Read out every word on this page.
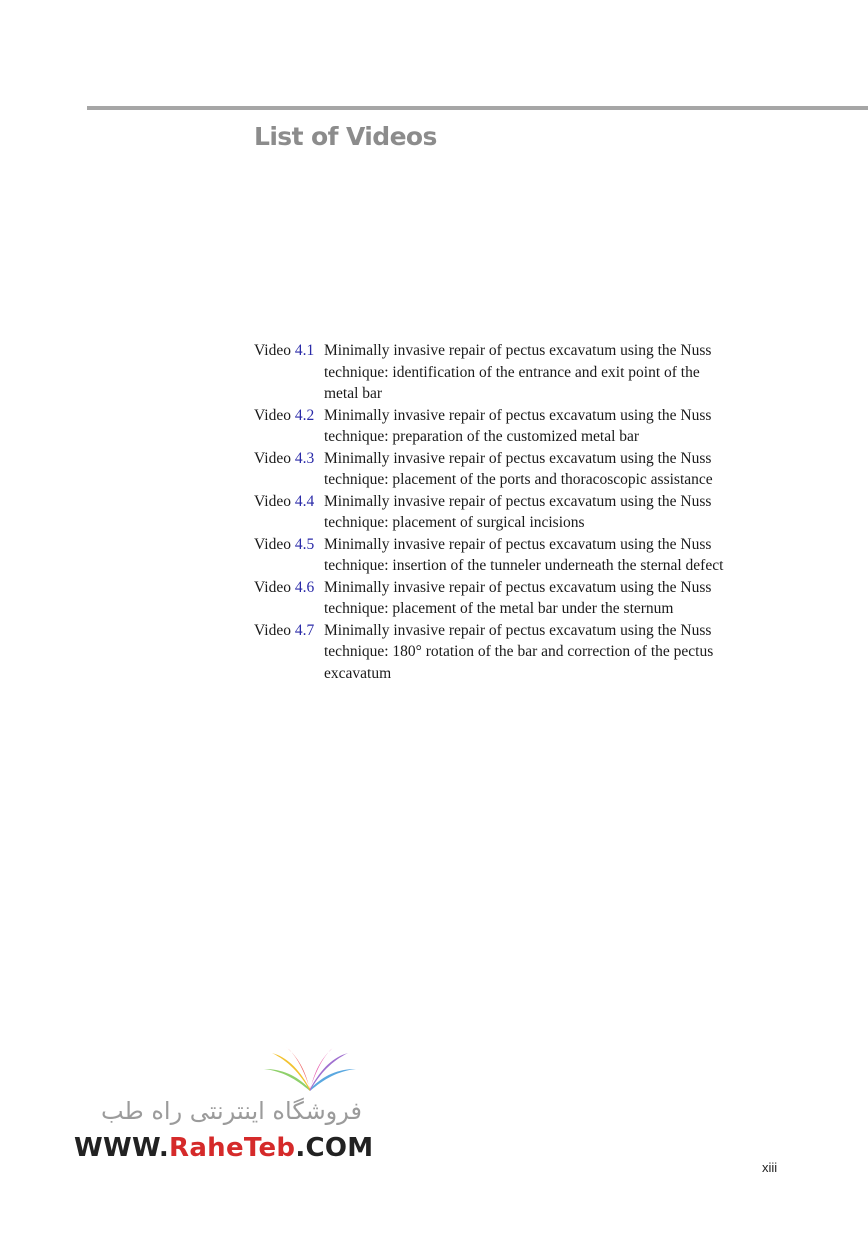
List of Videos
Video 4.1 Minimally invasive repair of pectus excavatum using the Nuss
technique: identification of the entrance and exit point of the
metal bar
Video 4.2 Minimally invasive repair of pectus excavatum using the Nuss
technique: preparation of the customized metal bar
Video 4.3 Minimally invasive repair of pectus excavatum using the Nuss
technique: placement of the ports and thoracoscopic assistance
Video 4.4 Minimally invasive repair of pectus excavatum using the Nuss
technique: placement of surgical incisions
Video 4.5 Minimally invasive repair of pectus excavatum using the Nuss
technique: insertion of the tunneler underneath the sternal defect
Video 4.6 Minimally invasive repair of pectus excavatum using the Nuss
technique: placement of the metal bar under the sternum
Video 4.7 Minimally invasive repair of pectus excavatum using the Nuss
technique: 180° rotation of the bar and correction of the pectus
excavatum
فروشگاه اینترنتی راه طب
WWW.RaheTeb.COM
xiii
